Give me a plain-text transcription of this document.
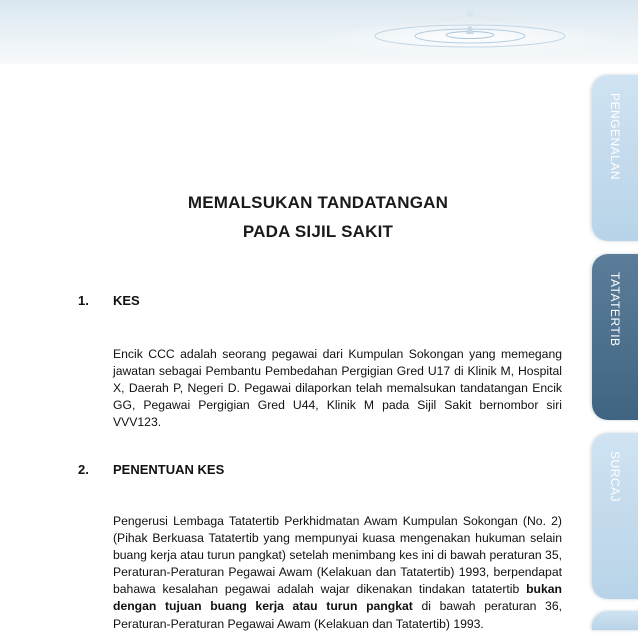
MEMALSUKAN TANDATANGAN
PADA SIJIL SAKIT
1. KES
Encik CCC adalah seorang pegawai dari Kumpulan Sokongan yang memegang jawatan sebagai Pembantu Pembedahan Pergigian Gred U17 di Klinik M, Hospital X, Daerah P, Negeri D. Pegawai dilaporkan telah memalsukan tandatangan Encik GG, Pegawai Pergigian Gred U44, Klinik M pada Sijil Sakit bernombor siri VVV123.
2. PENENTUAN KES
Pengerusi Lembaga Tatatertib Perkhidmatan Awam Kumpulan Sokongan (No. 2) (Pihak Berkuasa Tatatertib yang mempunyai kuasa mengenakan hukuman selain buang kerja atau turun pangkat) setelah menimbang kes ini di bawah peraturan 35, Peraturan-Peraturan Pegawai Awam (Kelakuan dan Tatatertib) 1993, berpendapat bahawa kesalahan pegawai adalah wajar dikenakan tindakan tatatertib bukan dengan tujuan buang kerja atau turun pangkat di bawah peraturan 36, Peraturan-Peraturan Pegawai Awam (Kelakuan dan Tatatertib) 1993.
PENGENALAN
TATATERTIB
SURCAJ
